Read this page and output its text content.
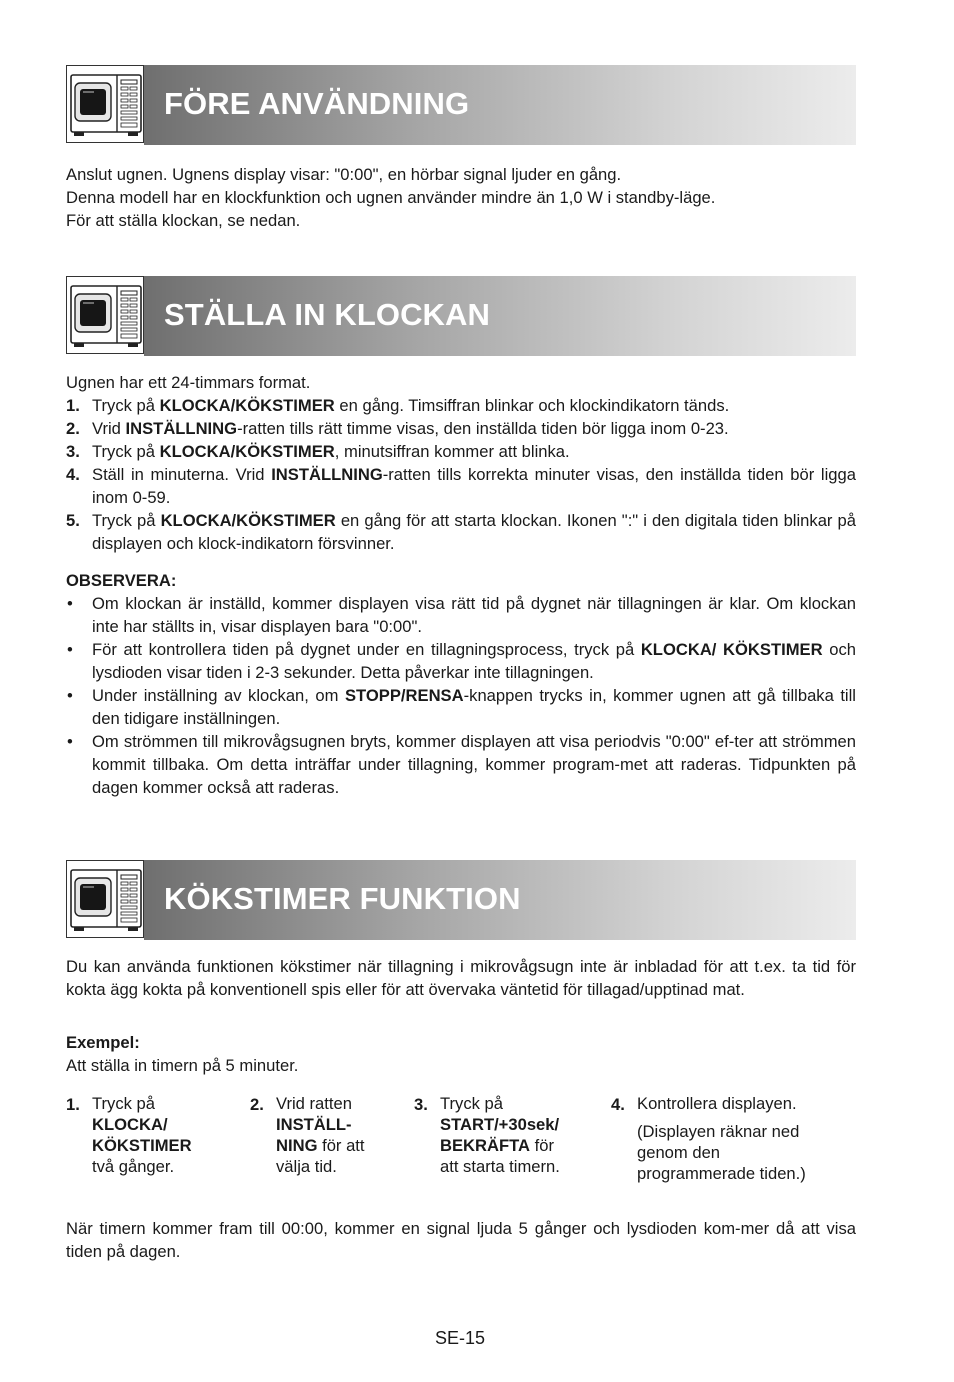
FÖRE ANVÄNDNING

Anslut ugnen. Ugnens display visar: "0:00", en hörbar signal ljuder en gång.

Denna modell har en klockfunktion och ugnen använder mindre än 1,0 W i standby-läge.

För att ställa klockan, se nedan.

STÄLLA IN KLOCKAN

Ugnen har ett 24-timmars format.

1. Tryck på KLOCKA/KÖKSTIMER en gång. Timsiffran blinkar och klockindikatorn tänds.
2. Vrid INSTÄLLNING-ratten tills rätt timme visas, den inställda tiden bör ligga inom 0-23.
3. Tryck på KLOCKA/KÖKSTIMER, minutsiffran kommer att blinka.
4. Ställ in minuterna. Vrid INSTÄLLNING-ratten tills korrekta minuter visas, den inställda tiden bör ligga inom 0-59.
5. Tryck på KLOCKA/KÖKSTIMER en gång för att starta klockan. Ikonen ":" i den digitala tiden blinkar på displayen och klock-indikatorn försvinner.

OBSERVERA:

• Om klockan är inställd, kommer displayen visa rätt tid på dygnet när tillagningen är klar. Om klockan inte har ställts in, visar displayen bara "0:00".
• För att kontrollera tiden på dygnet under en tillagningsprocess, tryck på KLOCKA/ KÖKSTIMER och lysdioden visar tiden i 2-3 sekunder. Detta påverkar inte tillagningen.
• Under inställning av klockan, om STOPP/RENSA-knappen trycks in, kommer ugnen att gå tillbaka till den tidigare inställningen.
• Om strömmen till mikrovågsugnen bryts, kommer displayen att visa periodvis "0:00" ef-ter att strömmen kommit tillbaka. Om detta inträffar under tillagning, kommer program-met att raderas. Tidpunkten på dagen kommer också att raderas.
KÖKSTIMER FUNKTION

Du kan använda funktionen kökstimer när tillagning i mikrovågsugn inte är inbladad för att t.ex. ta tid för kokta ägg kokta på konventionell spis eller för att övervaka väntetid för tillagad/upptinad mat.

Exempel:

Att ställa in timern på 5 minuter.

1. Tryck på
KLOCKA/
KÖKSTIMER
två gånger.
2. Vrid ratten
INSTÄLL-
NING för att
välja tid.
3. Tryck på
START/+30sek/
BEKRÄFTA för
att starta timern.
4. Kontrollera displayen.
(Displayen räknar ned genom den programmerade tiden.)

När timern kommer fram till 00:00, kommer en signal ljuda 5 gånger och lysdioden kom-mer då att visa tiden på dagen.

SE-15
